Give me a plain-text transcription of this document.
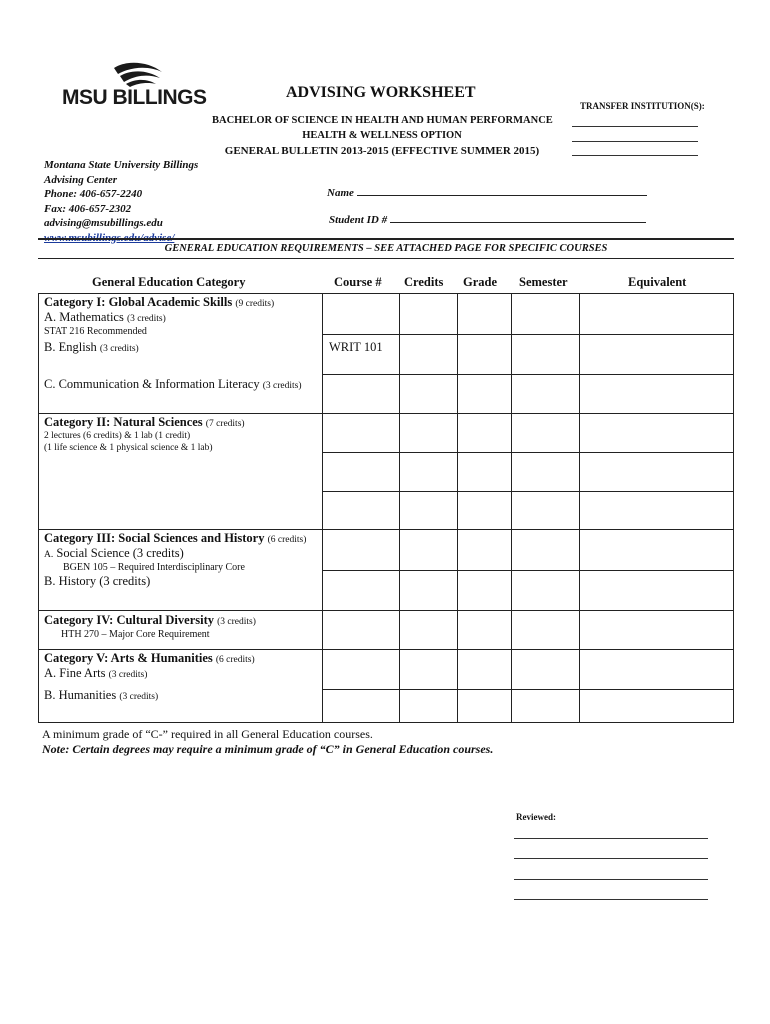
MSU BILLINGS	ADVISING WORKSHEET
BACHELOR OF SCIENCE IN HEALTH AND HUMAN PERFORMANCE
HEALTH & WELLNESS OPTION
GENERAL BULLETIN 2013-2015 (EFFECTIVE SUMMER 2015)
TRANSFER INSTITUTION(S):
Montana State University Billings
Advising Center
Phone: 406-657-2240
Fax: 406-657-2302
advising@msubillings.edu
www.msubillings.edu/advise/
Name
Student ID #
GENERAL EDUCATION REQUIREMENTS – SEE ATTACHED PAGE FOR SPECIFIC COURSES
General Education Category	Course # Credits Grade Semester	Equivalent
Category I: Global Academic Skills (9 credits)
A. Mathematics (3 credits)
STAT 216 Recommended
B. English (3 credits)	WRIT 101
C. Communication & Information Literacy (3 credits)
Category II: Natural Sciences (7 credits)
2 lectures (6 credits) & 1 lab (1 credit)
(1 life science & 1 physical science & 1 lab)
Category III: Social Sciences and History (6 credits)
A. Social Science (3 credits)
BGEN 105 – Required Interdisciplinary Core
B. History (3 credits)
Category IV: Cultural Diversity (3 credits)
HTH 270 – Major Core Requirement
Category V: Arts & Humanities (6 credits)
A. Fine Arts (3 credits)
B. Humanities (3 credits)
A minimum grade of “C-” required in all General Education courses.
Note: Certain degrees may require a minimum grade of “C” in General Education courses.
Reviewed:
